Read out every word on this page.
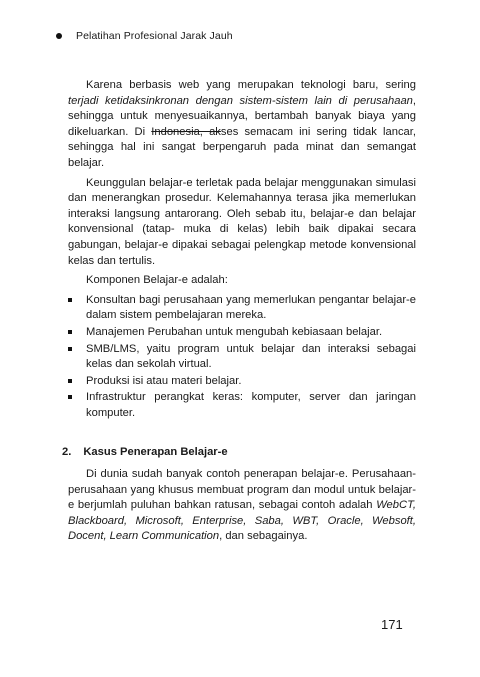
Pelatihan Profesional Jarak Jauh

Karena berbasis web yang merupakan teknologi baru, sering terjadi ketidaksinkronan dengan sistem-sistem lain di perusahaan, sehingga untuk menyesuaikannya, bertambah banyak biaya yang dikeluarkan. Di Indonesia, akses semacam ini sering tidak lancar, sehingga hal ini sangat berpengaruh pada minat dan semangat belajar.

Keunggulan belajar-e terletak pada belajar menggunakan simulasi dan menerangkan prosedur. Kelemahannya terasa jika memerlukan interaksi langsung antarorang. Oleh sebab itu, belajar-e dan belajar konvensional (tatap- muka di kelas) lebih baik dipakai secara gabungan, belajar-e dipakai sebagai pelengkap metode konvensional kelas dan tertulis.

Komponen Belajar-e adalah:

Konsultan bagi perusahaan yang memerlukan pengantar belajar-e dalam sistem pembelajaran mereka.
Manajemen Perubahan untuk mengubah kebiasaan belajar.
SMB/LMS, yaitu program untuk belajar dan interaksi sebagai kelas dan sekolah virtual.
Produksi isi atau materi belajar.
Infrastruktur perangkat keras: komputer, server dan jaringan komputer.
2. Kasus Penerapan Belajar-e

Di dunia sudah banyak contoh penerapan belajar-e. Perusahaan-perusahaan yang khusus membuat program dan modul untuk belajar-e berjumlah puluhan bahkan ratusan, sebagai contoh adalah WebCT, Blackboard, Microsoft, Enterprise, Saba, WBT, Oracle, Websoft, Docent, Learn Communication, dan sebagainya.

171
